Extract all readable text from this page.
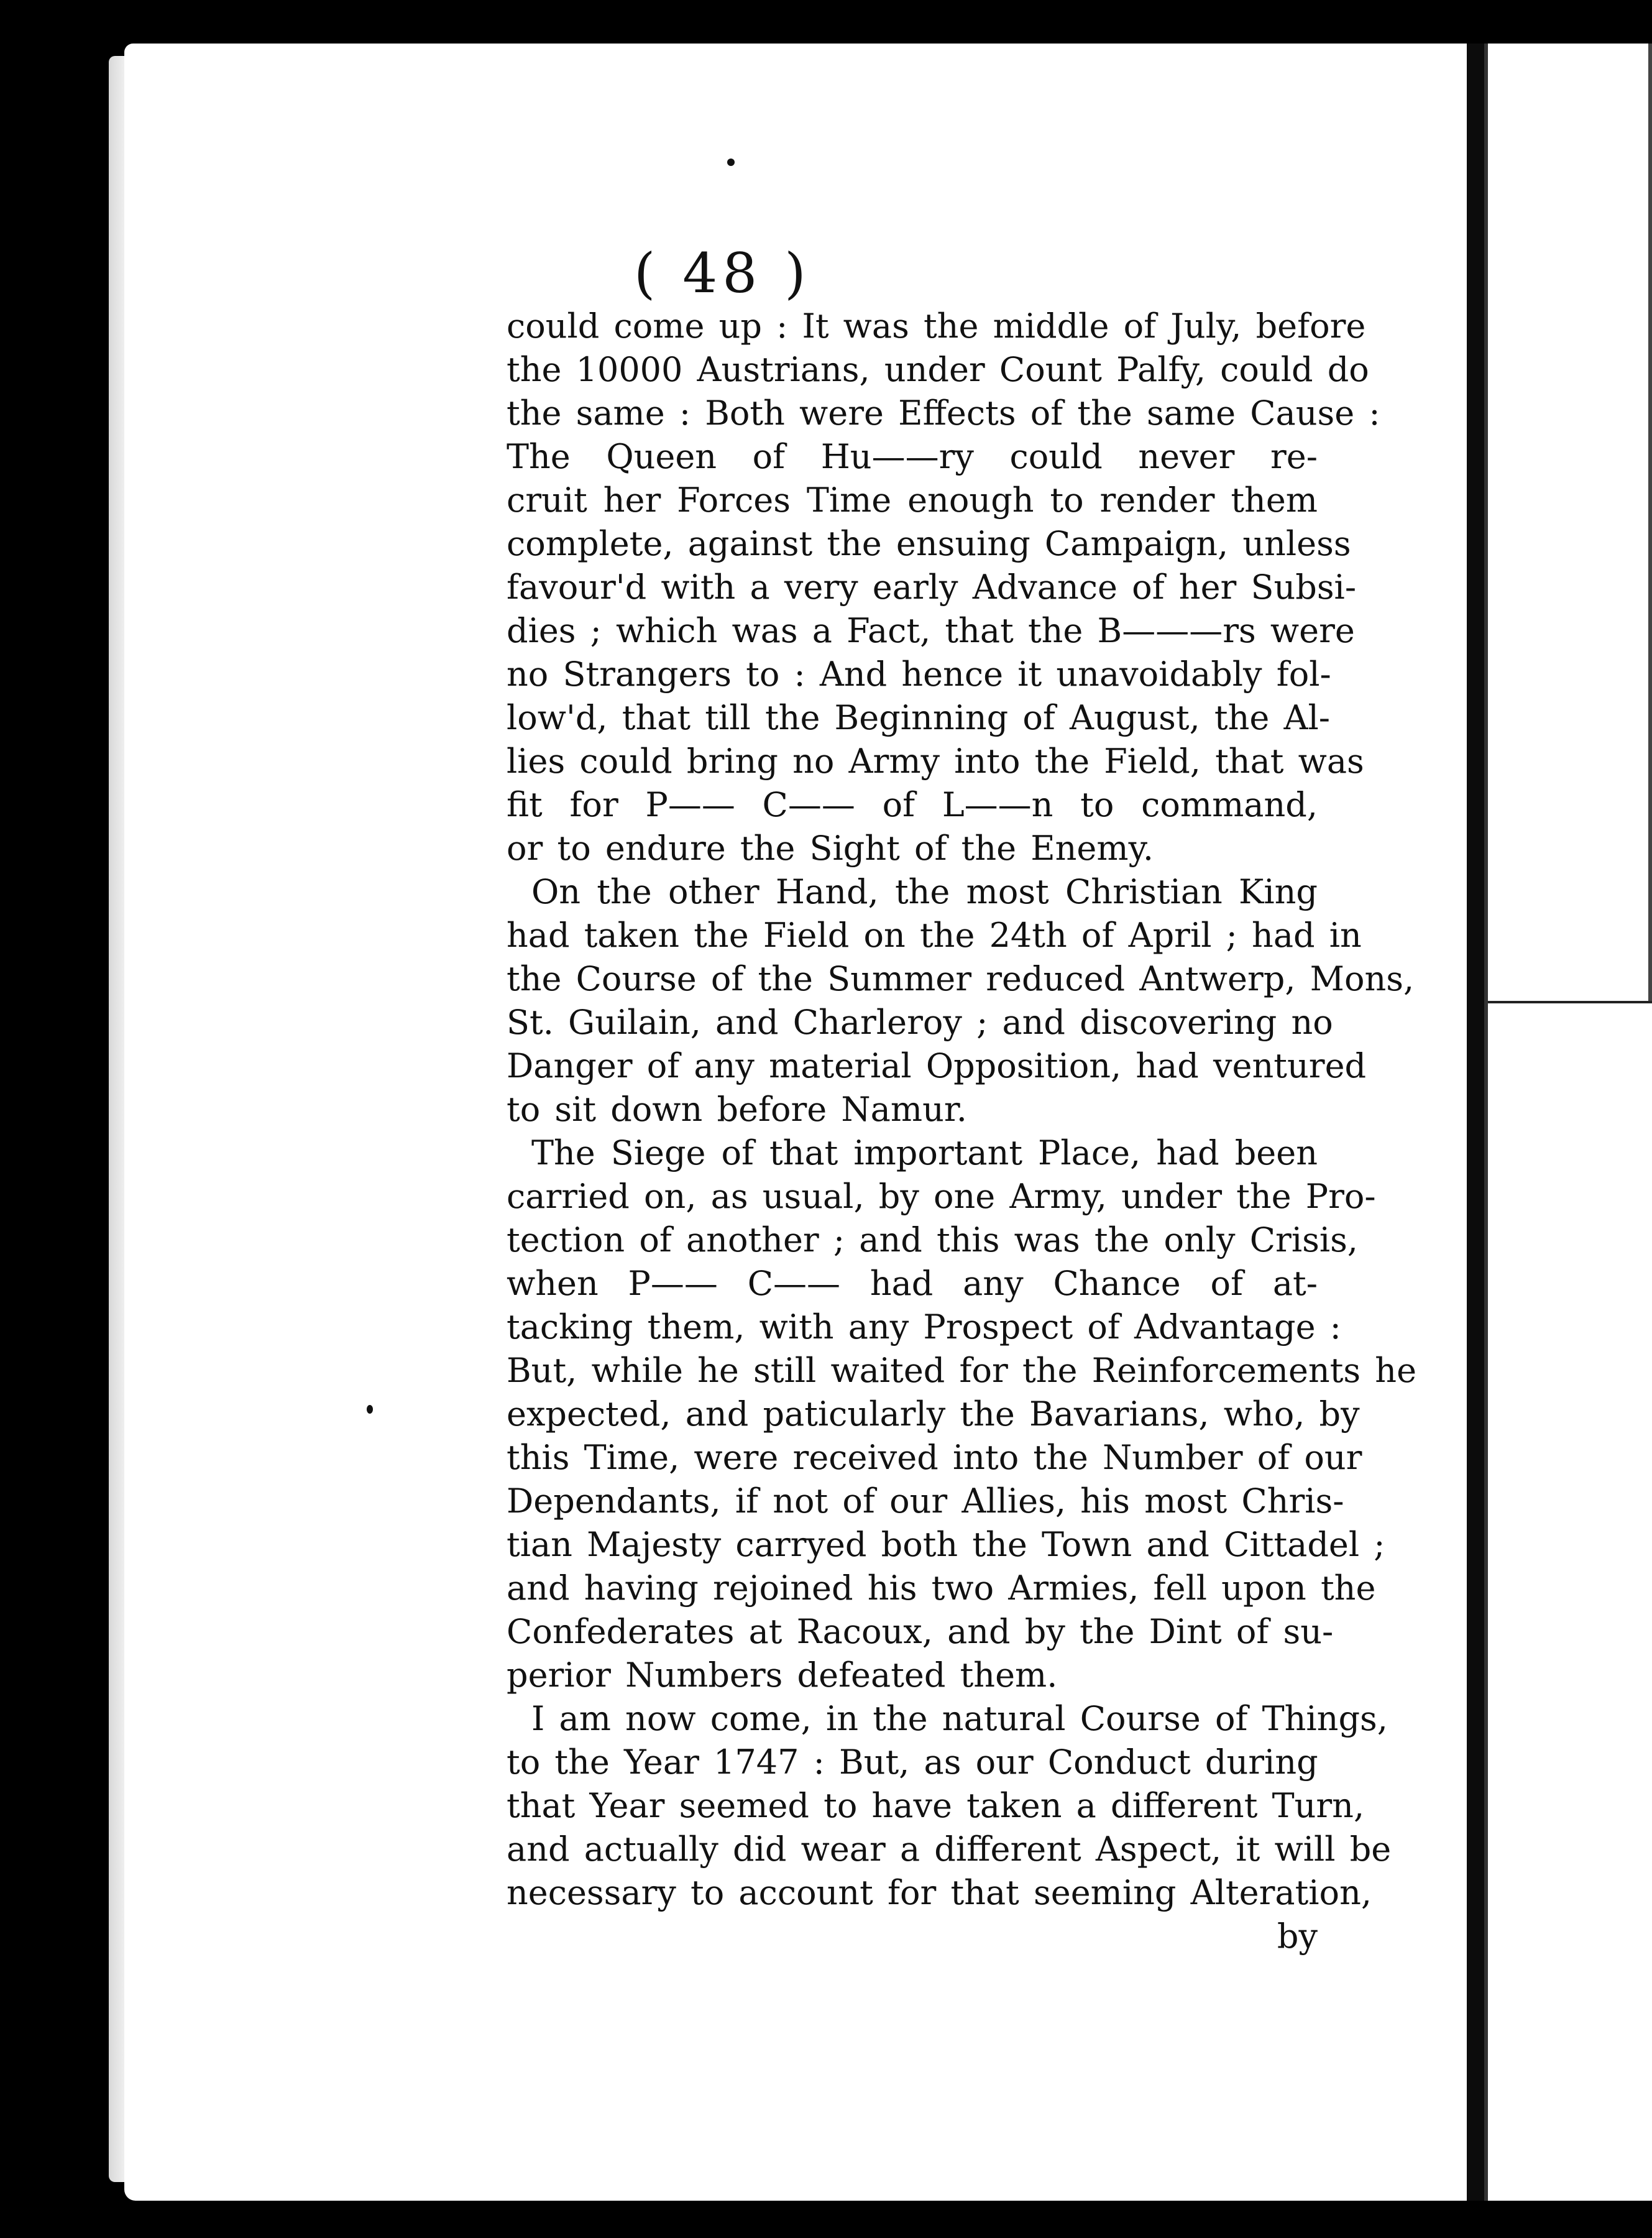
( 48 )
could come up : It was the middle of July, before
the 10000 Austrians, under Count Palfy, could do
the same : Both were Effects of the same Cause :
The Queen of Hu——ry could never re-
cruit her Forces Time enough to render them
complete, against the ensuing Campaign, unless
favour'd with a very early Advance of her Subsi-
dies ; which was a Fact, that the B———rs were
no Strangers to : And hence it unavoidably fol-
low'd, that till the Beginning of August, the Al-
lies could bring no Army into the Field, that was
fit for P—— C—— of L——n to command,
or to endure the Sight of the Enemy.
On the other Hand, the most Christian King
had taken the Field on the 24th of April ; had in
the Course of the Summer reduced Antwerp, Mons,
St. Guilain, and Charleroy ; and discovering no
Danger of any material Opposition, had ventured
to sit down before Namur.
The Siege of that important Place, had been
carried on, as usual, by one Army, under the Pro-
tection of another ; and this was the only Crisis,
when P—— C—— had any Chance of at-
tacking them, with any Prospect of Advantage :
But, while he still waited for the Reinforcements he
expected, and paticularly the Bavarians, who, by
this Time, were received into the Number of our
Dependants, if not of our Allies, his most Chris-
tian Majesty carryed both the Town and Cittadel ;
and having rejoined his two Armies, fell upon the
Confederates at Racoux, and by the Dint of su-
perior Numbers defeated them.
I am now come, in the natural Course of Things,
to the Year 1747 : But, as our Conduct during
that Year seemed to have taken a different Turn,
and actually did wear a different Aspect, it will be
necessary to account for that seeming Alteration,
by
